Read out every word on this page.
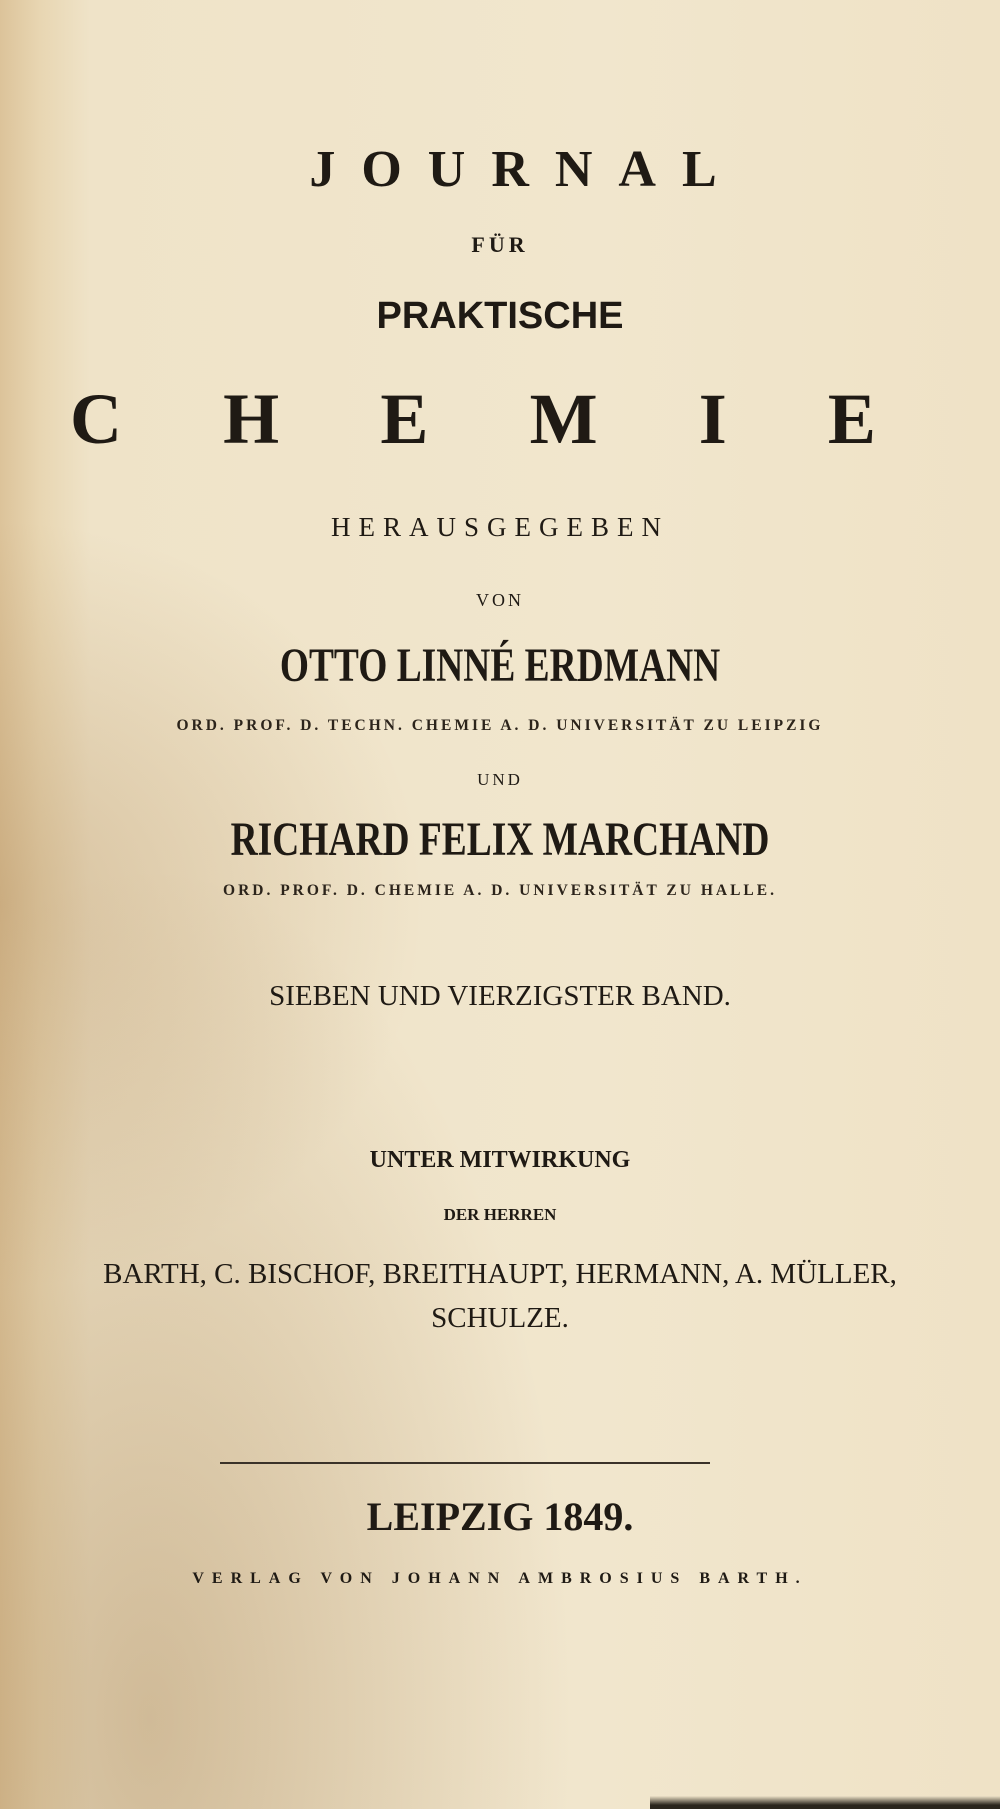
JOURNAL
FÜR
PRAKTISCHE
C H E M I E
HERAUSGEGEBEN
VON
OTTO LINNÉ ERDMANN
ORD. PROF. D. TECHN. CHEMIE A. D. UNIVERSITÄT ZU LEIPZIG
UND
RICHARD FELIX MARCHAND
ORD. PROF. D. CHEMIE A. D. UNIVERSITÄT ZU HALLE.
SIEBEN UND VIERZIGSTER BAND.
UNTER MITWIRKUNG
DER HERREN
BARTH, C. BISCHOF, BREITHAUPT, HERMANN, A. MÜLLER, SCHULZE.
LEIPZIG 1849.
VERLAG VON JOHANN AMBROSIUS BARTH.
